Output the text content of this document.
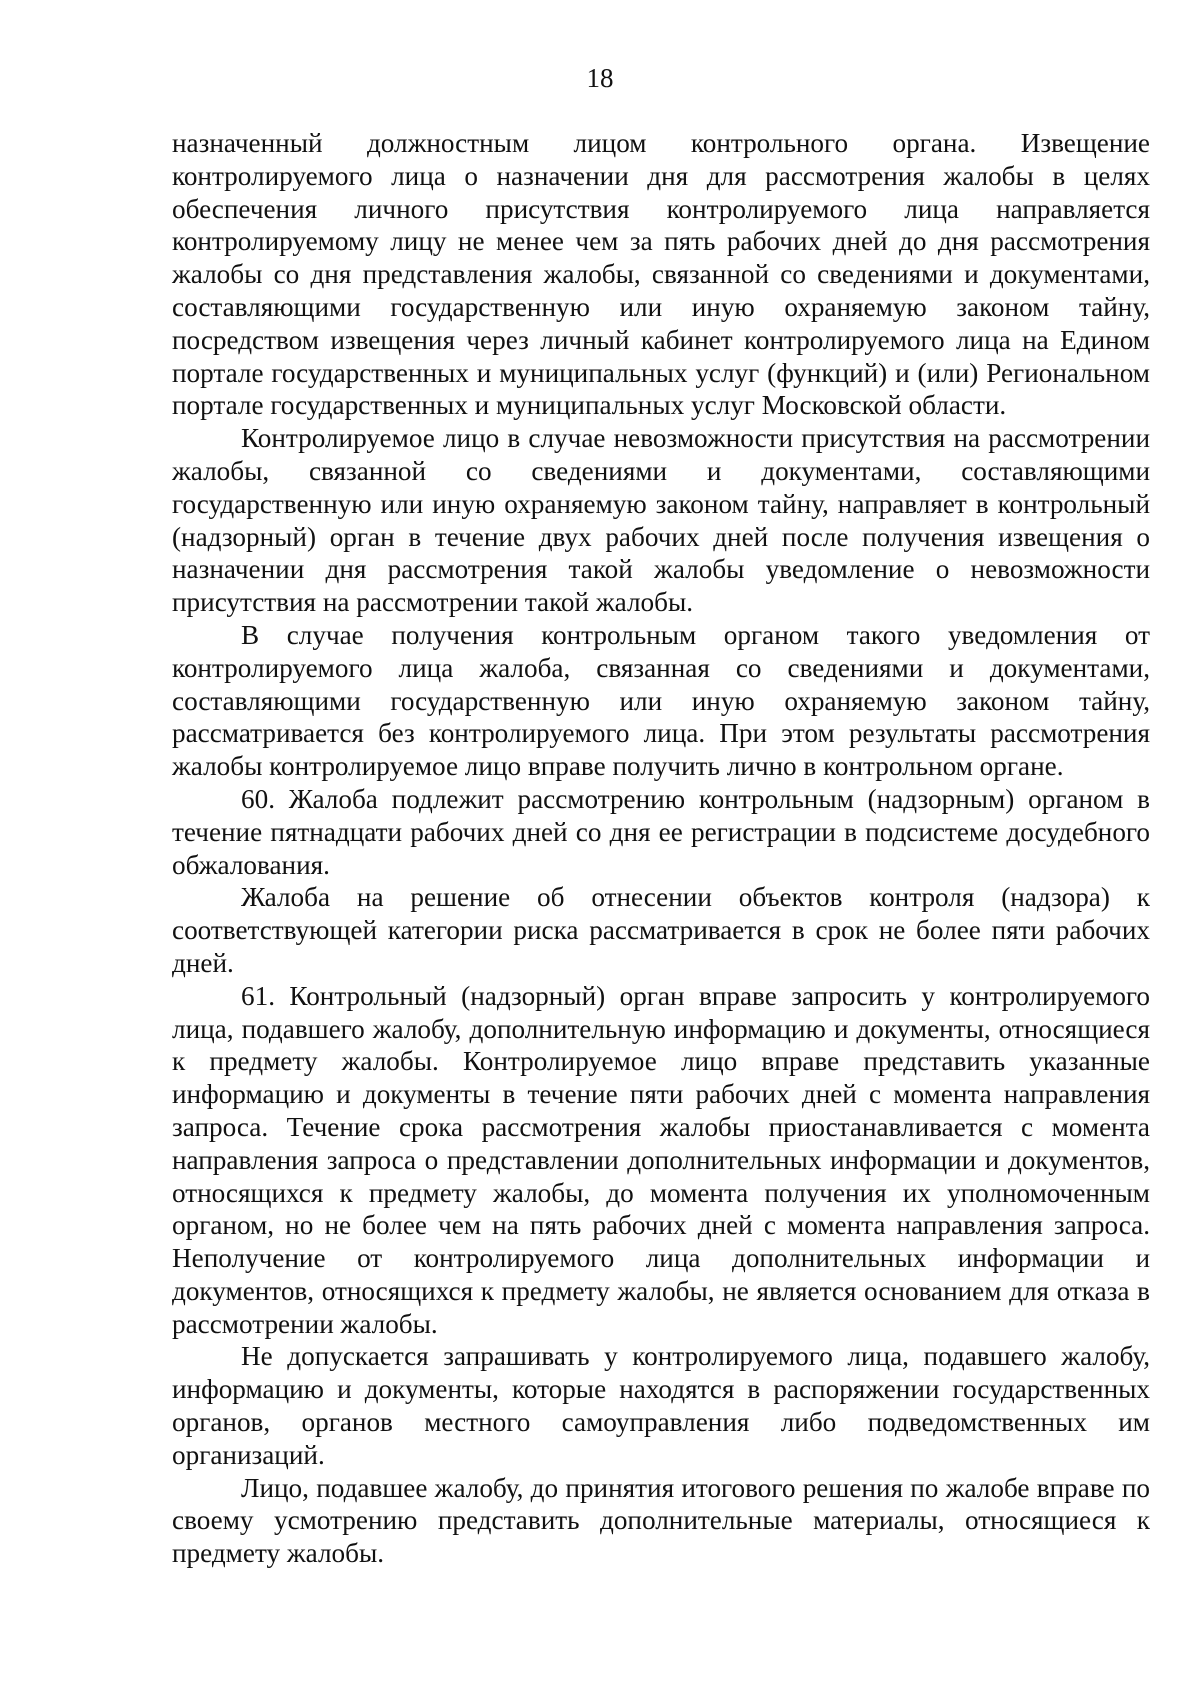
18

назначенный должностным лицом контрольного органа. Извещение контролируемого лица о назначении дня для рассмотрения жалобы в целях обеспечения личного присутствия контролируемого лица направляется контролируемому лицу не менее чем за пять рабочих дней до дня рассмотрения жалобы со дня представления жалобы, связанной со сведениями и документами, составляющими государственную или иную охраняемую законом тайну, посредством извещения через личный кабинет контролируемого лица на Едином портале государственных и муниципальных услуг (функций) и (или) Региональном портале государственных и муниципальных услуг Московской области.

Контролируемое лицо в случае невозможности присутствия на рассмотрении жалобы, связанной со сведениями и документами, составляющими государственную или иную охраняемую законом тайну, направляет в контрольный (надзорный) орган в течение двух рабочих дней после получения извещения о назначении дня рассмотрения такой жалобы уведомление о невозможности присутствия на рассмотрении такой жалобы.

В случае получения контрольным органом такого уведомления от контролируемого лица жалоба, связанная со сведениями и документами, составляющими государственную или иную охраняемую законом тайну, рассматривается без контролируемого лица. При этом результаты рассмотрения жалобы контролируемое лицо вправе получить лично в контрольном органе.

60. Жалоба подлежит рассмотрению контрольным (надзорным) органом в течение пятнадцати рабочих дней со дня ее регистрации в подсистеме досудебного обжалования.

Жалоба на решение об отнесении объектов контроля (надзора) к соответствующей категории риска рассматривается в срок не более пяти рабочих дней.

61. Контрольный (надзорный) орган вправе запросить у контролируемого лица, подавшего жалобу, дополнительную информацию и документы, относящиеся к предмету жалобы. Контролируемое лицо вправе представить указанные информацию и документы в течение пяти рабочих дней с момента направления запроса. Течение срока рассмотрения жалобы приостанавливается с момента направления запроса о представлении дополнительных информации и документов, относящихся к предмету жалобы, до момента получения их уполномоченным органом, но не более чем на пять рабочих дней с момента направления запроса. Неполучение от контролируемого лица дополнительных информации и документов, относящихся к предмету жалобы, не является основанием для отказа в рассмотрении жалобы.

Не допускается запрашивать у контролируемого лица, подавшего жалобу, информацию и документы, которые находятся в распоряжении государственных органов, органов местного самоуправления либо подведомственных им организаций.

Лицо, подавшее жалобу, до принятия итогового решения по жалобе вправе по своему усмотрению представить дополнительные материалы, относящиеся к предмету жалобы.
